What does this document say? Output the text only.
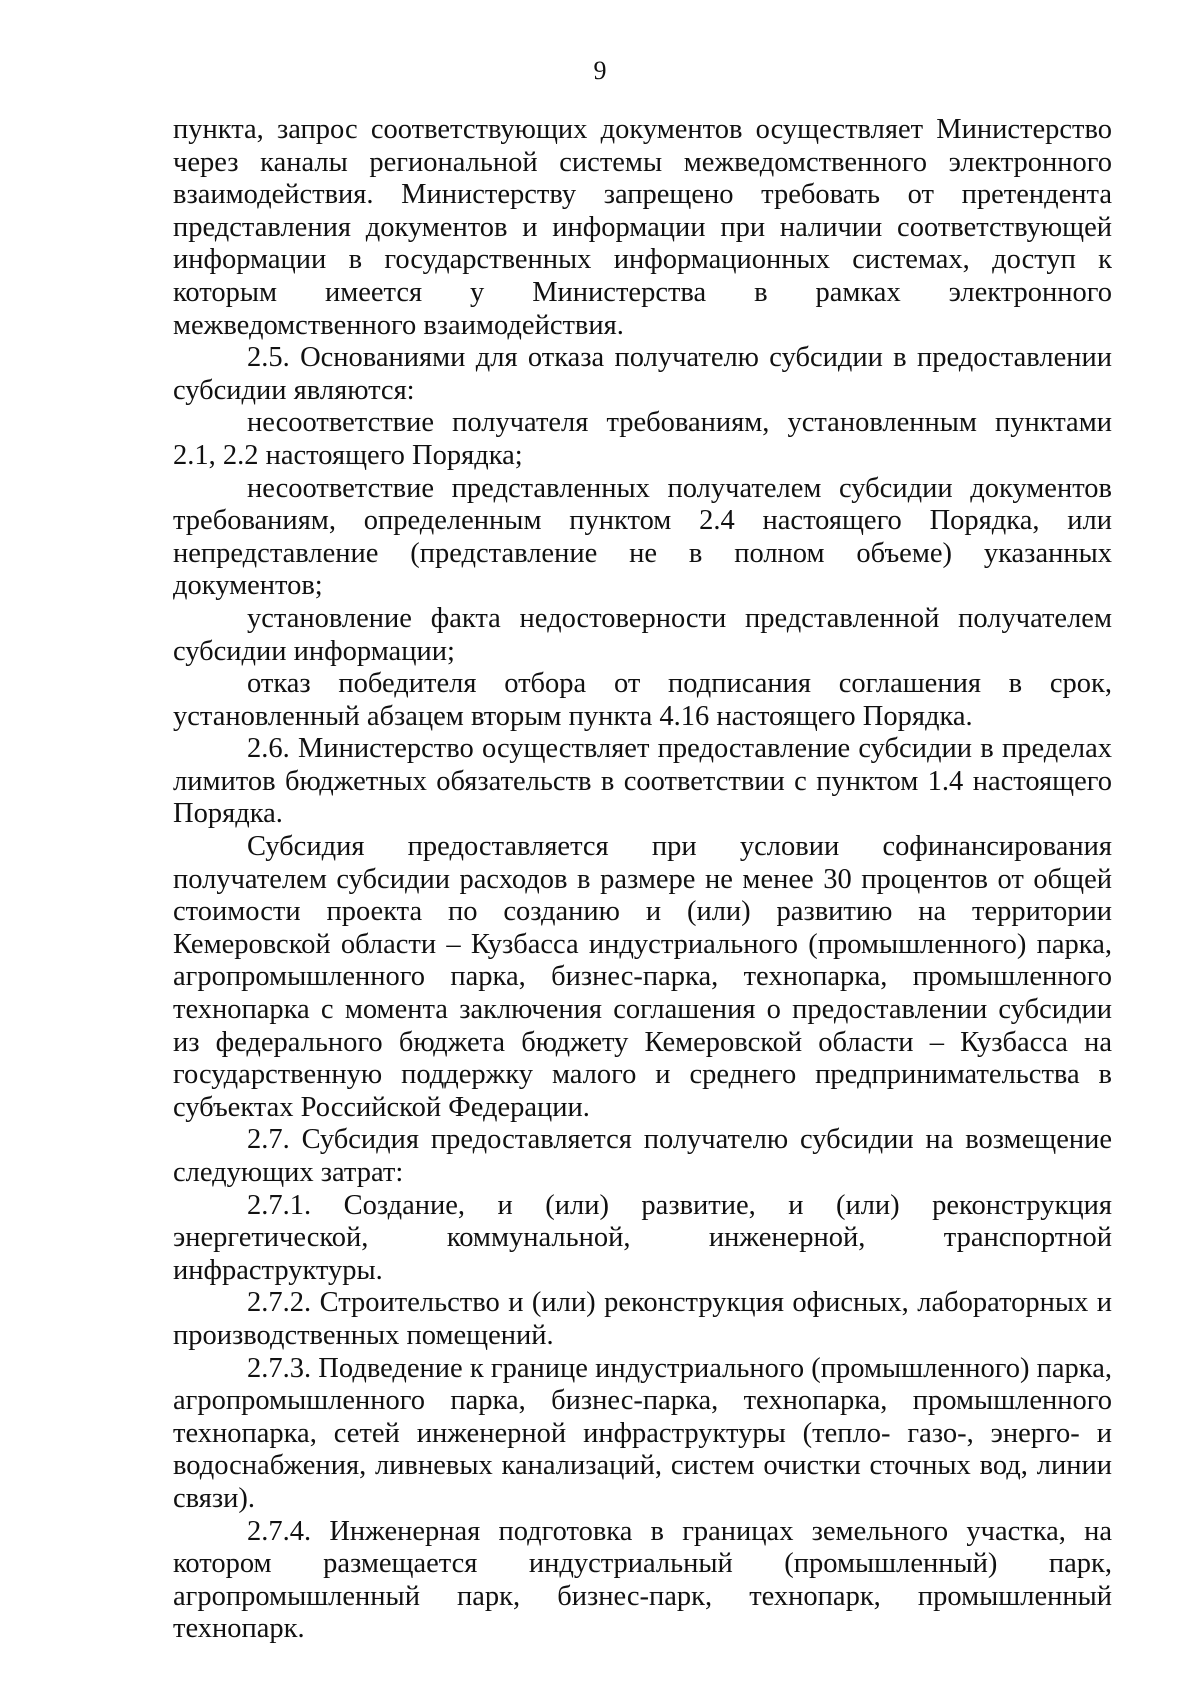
9

пункта, запрос соответствующих документов осуществляет Министерство через каналы региональной системы межведомственного электронного взаимодействия. Министерству запрещено требовать от претендента представления документов и информации при наличии соответствующей информации в государственных информационных системах, доступ к которым имеется у Министерства в рамках электронного межведомственного взаимодействия.

2.5. Основаниями для отказа получателю субсидии в предоставлении субсидии являются:

несоответствие получателя требованиям, установленным пунктами 2.1, 2.2 настоящего Порядка;

несоответствие представленных получателем субсидии документов требованиям, определенным пунктом 2.4 настоящего Порядка, или непредставление (представление не в полном объеме) указанных документов;

установление факта недостоверности представленной получателем субсидии информации;

отказ победителя отбора от подписания соглашения в срок, установленный абзацем вторым пункта 4.16 настоящего Порядка.

2.6. Министерство осуществляет предоставление субсидии в пределах лимитов бюджетных обязательств в соответствии с пунктом 1.4 настоящего Порядка.

Субсидия предоставляется при условии софинансирования получателем субсидии расходов в размере не менее 30 процентов от общей стоимости проекта по созданию и (или) развитию на территории Кемеровской области – Кузбасса индустриального (промышленного) парка, агропромышленного парка, бизнес-парка, технопарка, промышленного технопарка с момента заключения соглашения о предоставлении субсидии из федерального бюджета бюджету Кемеровской области – Кузбасса на государственную поддержку малого и среднего предпринимательства в субъектах Российской Федерации.

2.7. Субсидия предоставляется получателю субсидии на возмещение следующих затрат:

2.7.1. Создание, и (или) развитие, и (или) реконструкция энергетической, коммунальной, инженерной, транспортной инфраструктуры.

2.7.2. Строительство и (или) реконструкция офисных, лабораторных и производственных помещений.

2.7.3. Подведение к границе индустриального (промышленного) парка, агропромышленного парка, бизнес-парка, технопарка, промышленного технопарка, сетей инженерной инфраструктуры (тепло- газо-, энерго- и водоснабжения, ливневых канализаций, систем очистки сточных вод, линии связи).

2.7.4. Инженерная подготовка в границах земельного участка, на котором размещается индустриальный (промышленный) парк, агропромышленный парк, бизнес-парк, технопарк, промышленный технопарк.
